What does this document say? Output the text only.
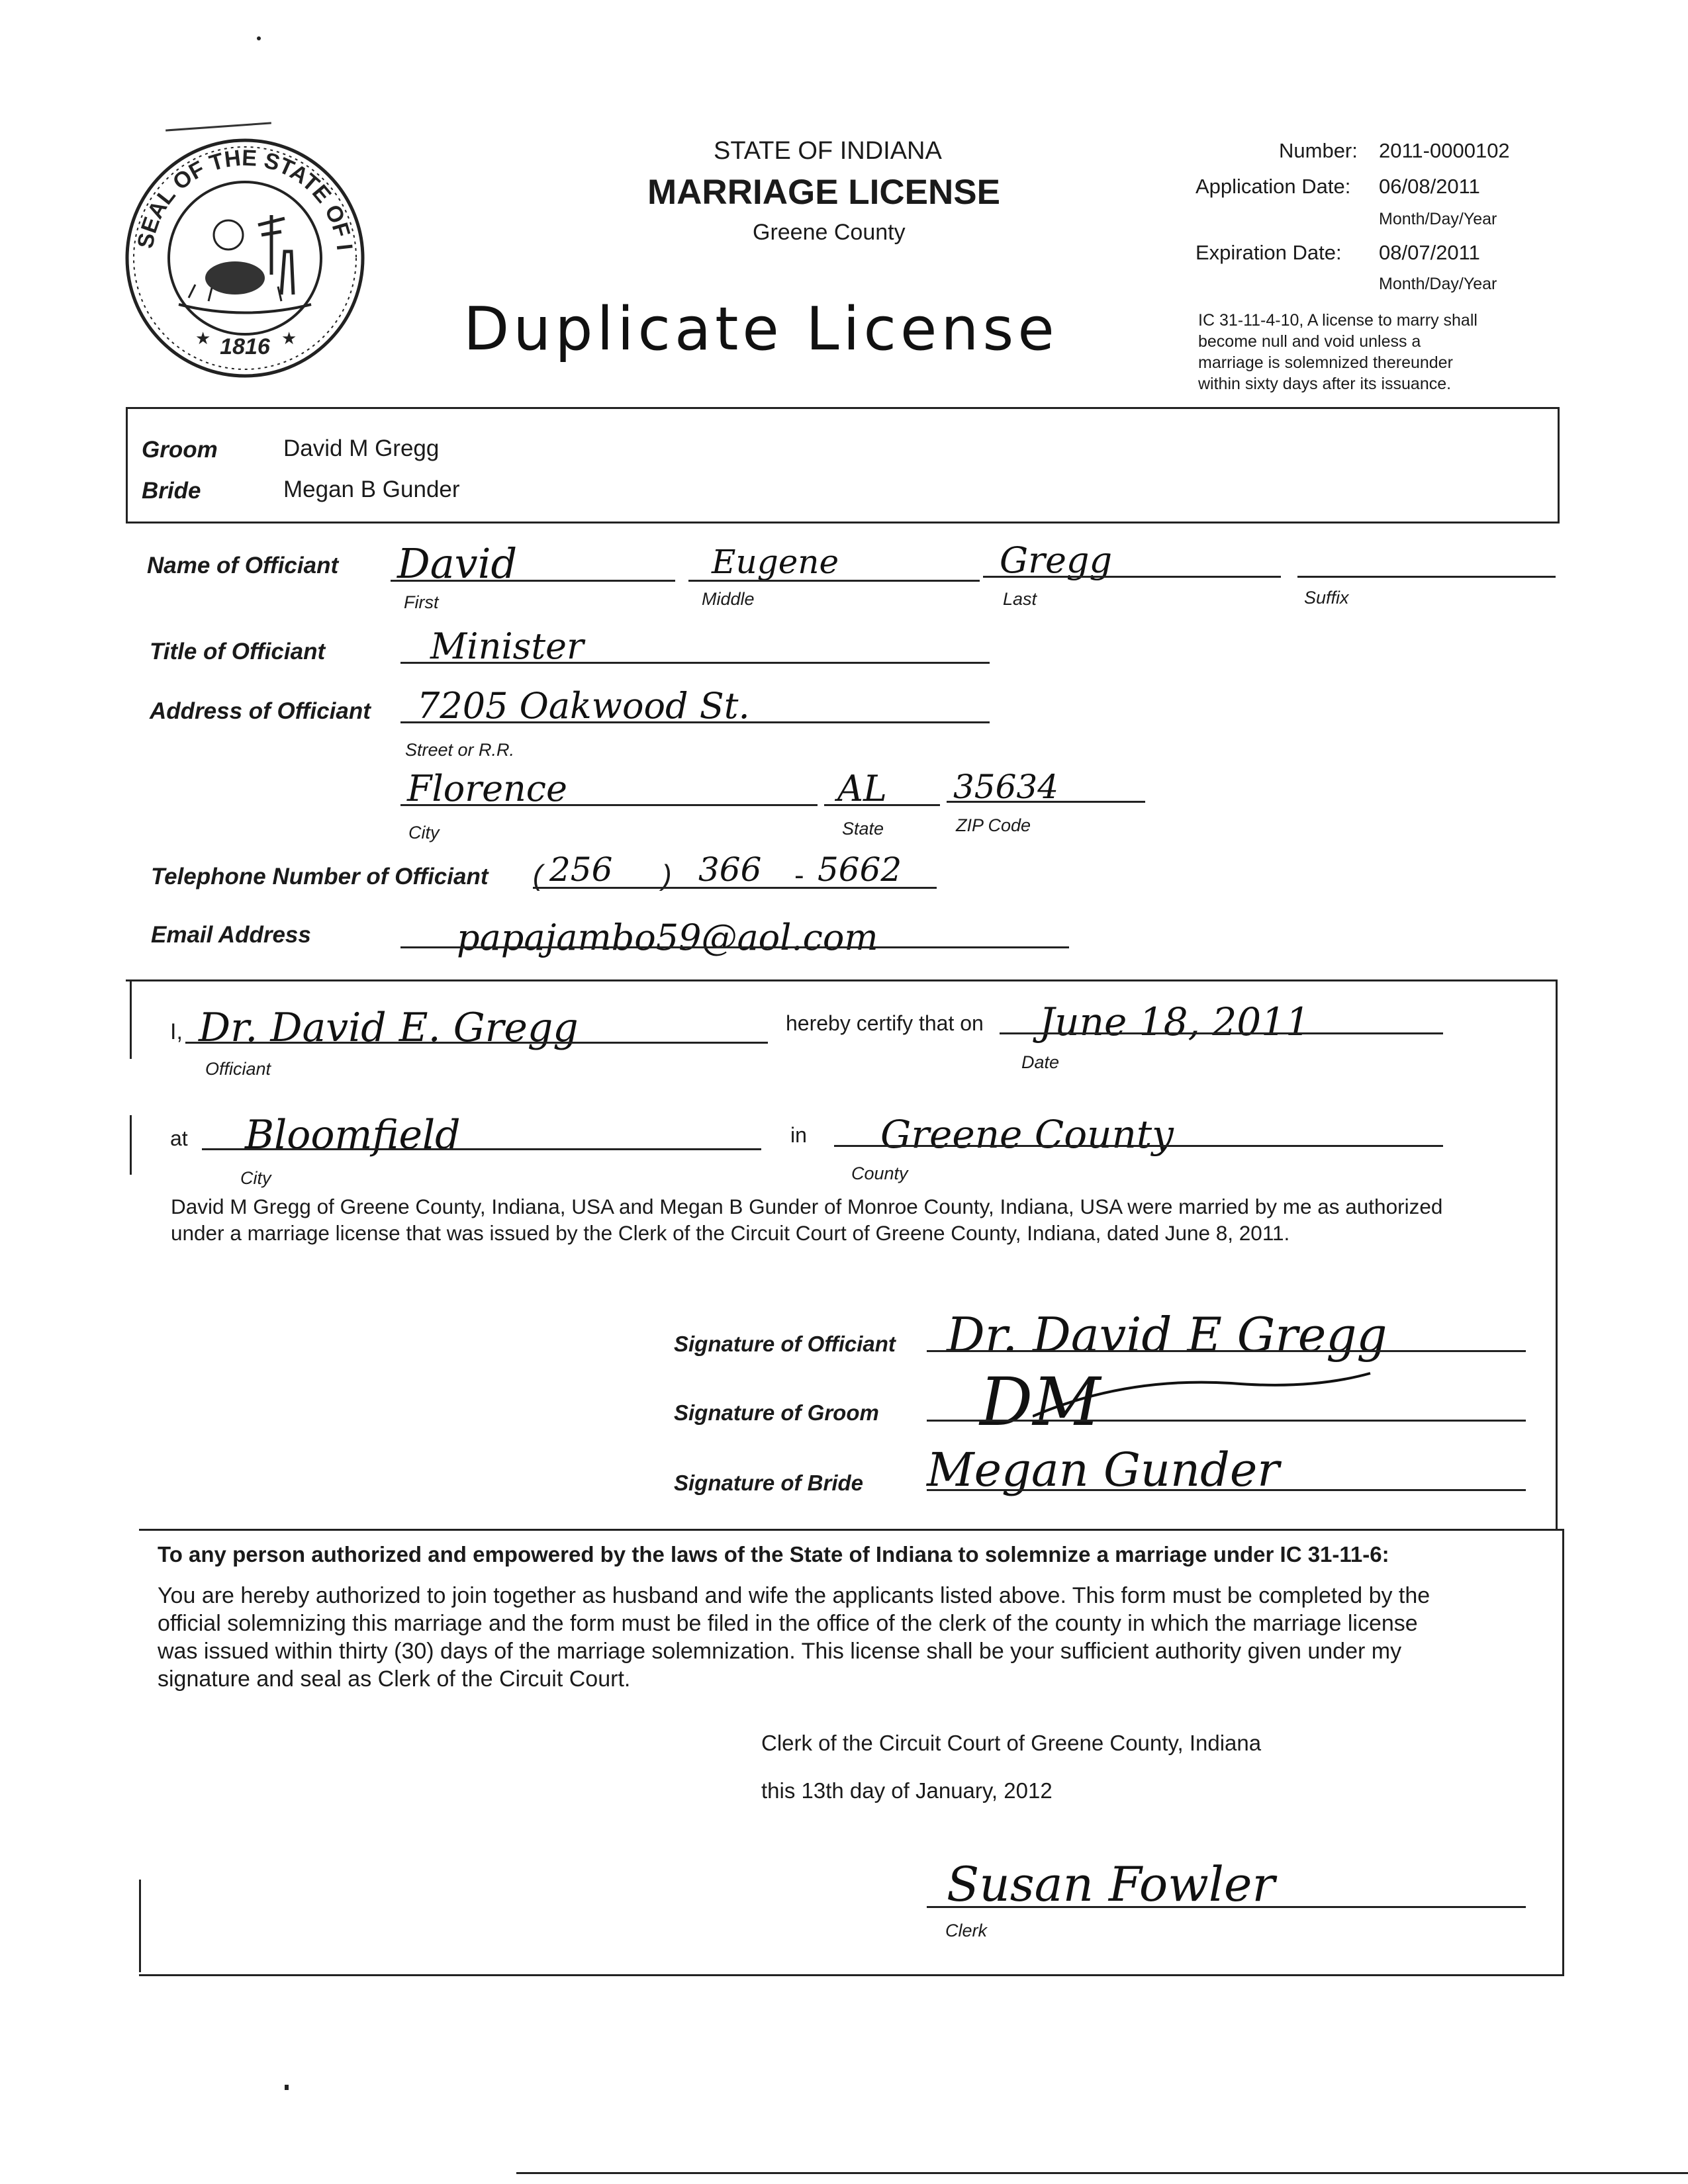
SEAL OF THE STATE OF I
1816
★	★
STATE OF INDIANA
MARRIAGE LICENSE
Greene County
Duplicate License
Number: 2011-0000102
Application Date: 06/08/2011
Month/Day/Year
Expiration Date: 08/07/2011
Month/Day/Year
IC 31-11-4-10, A license to marry shall
become null and void unless a
marriage is solemnized thereunder
within sixty days after its issuance.
Groom	David M Gregg
Bride	Megan B Gunder
Name of Officiant David
First
Eugene
Middle
Gregg
Last	Suffix
Title of Officiant	Minister
Address of Officiant 7205 Oakwood St.
Street or R.R.
Florence
City
AL
State
35634
ZIP Code
Telephone Number of Officiant ( 256 ) 366 - 5662
Email Address	papajambo59@aol.com
I, Dr. David E. Gregg
Officiant
hereby certify that on June 18, 2011
Date
at Bloomfield
City
in Greene County
County
David M Gregg of Greene County, Indiana, USA and Megan B Gunder of Monroe County, Indiana, USA were married by me as authorized
under a marriage license that was issued by the Clerk of the Circuit Court of Greene County, Indiana, dated June 8, 2011.
Signature of Officiant Dr. David E Gregg
Signature of Groom DM
Signature of Bride Megan Gunder
To any person authorized and empowered by the laws of the State of Indiana to solemnize a marriage under IC 31-11-6:
You are hereby authorized to join together as husband and wife the applicants listed above. This form must be completed by the
official solemnizing this marriage and the form must be filed in the office of the clerk of the county in which the marriage license
was issued within thirty (30) days of the marriage solemnization. This license shall be your sufficient authority given under my
signature and seal as Clerk of the Circuit Court.
Clerk of the Circuit Court of Greene County, Indiana
this 13th day of January, 2012
Susan Fowler
Clerk
